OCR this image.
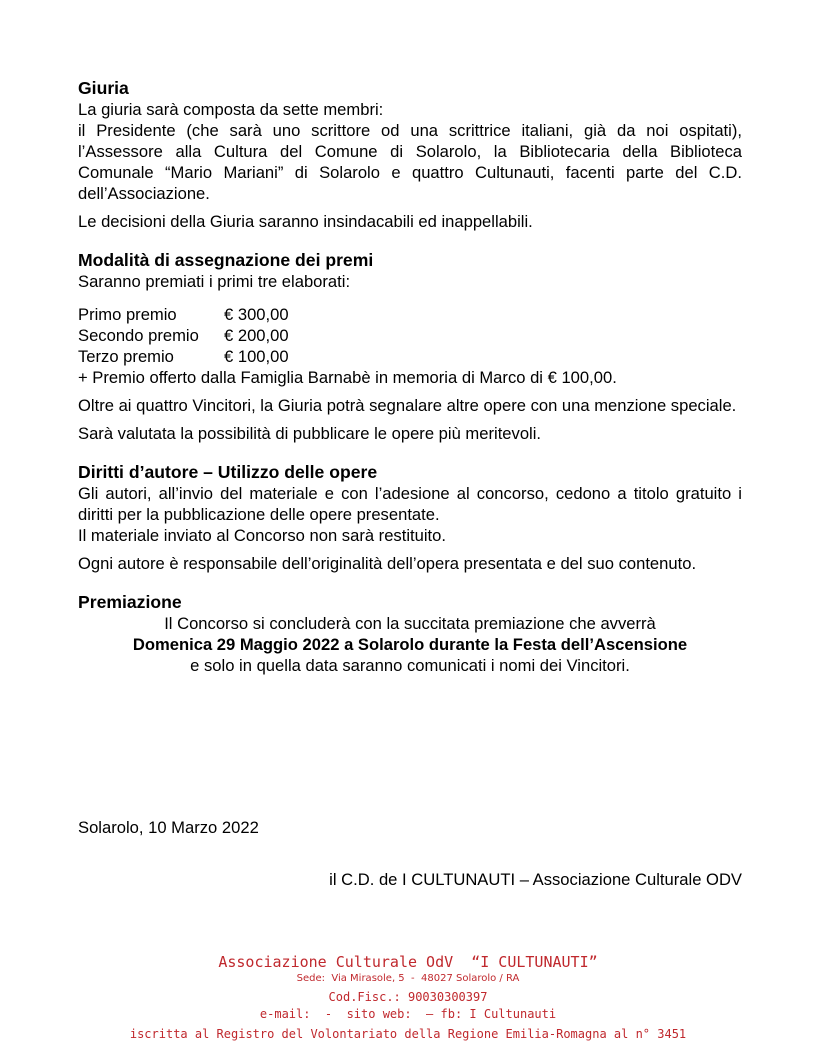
Giuria

La giuria sarà composta da sette membri:

il Presidente (che sarà uno scrittore od una scrittrice italiani, già da noi ospitati), l’Assessore alla Cultura del Comune di Solarolo, la Bibliotecaria della Biblioteca Comunale “Mario Mariani” di Solarolo e quattro Cultunauti, facenti parte del C.D. dell’Associazione.

Le decisioni della Giuria saranno insindacabili ed inappellabili.

Modalità di assegnazione dei premi

Saranno premiati i primi tre elaborati:

Primo premio	€ 300,00
Secondo premio	€ 200,00
Terzo premio	€ 100,00

+ Premio offerto dalla Famiglia Barnabè in memoria di Marco di € 100,00.

Oltre ai quattro Vincitori, la Giuria potrà segnalare altre opere con una menzione speciale.

Sarà valutata la possibilità di pubblicare le opere più meritevoli.

Diritti d’autore – Utilizzo delle opere

Gli autori, all’invio del materiale e con l’adesione al concorso, cedono a titolo gratuito i diritti per la pubblicazione delle opere presentate.

Il materiale inviato al Concorso non sarà restituito.

Ogni autore è responsabile dell’originalità dell’opera presentata e del suo contenuto.

Premiazione

Il Concorso si concluderà con la succitata premiazione che avverrà

Domenica 29 Maggio 2022 a Solarolo durante la Festa dell’Ascensione

e solo in quella data saranno comunicati i nomi dei Vincitori.

Solarolo, 10 Marzo 2022
il C.D. de I CULTUNAUTI – Associazione Culturale ODV
Associazione Culturale OdV  “I CULTUNAUTI”
Sede:  Via Mirasole, 5  -  48027 Solarolo / RA
Cod.Fisc.: 90030300397
e-mail:  -  sito web:  – fb: I Cultunauti
iscritta al Registro del Volontariato della Regione Emilia-Romagna al n° 3451
